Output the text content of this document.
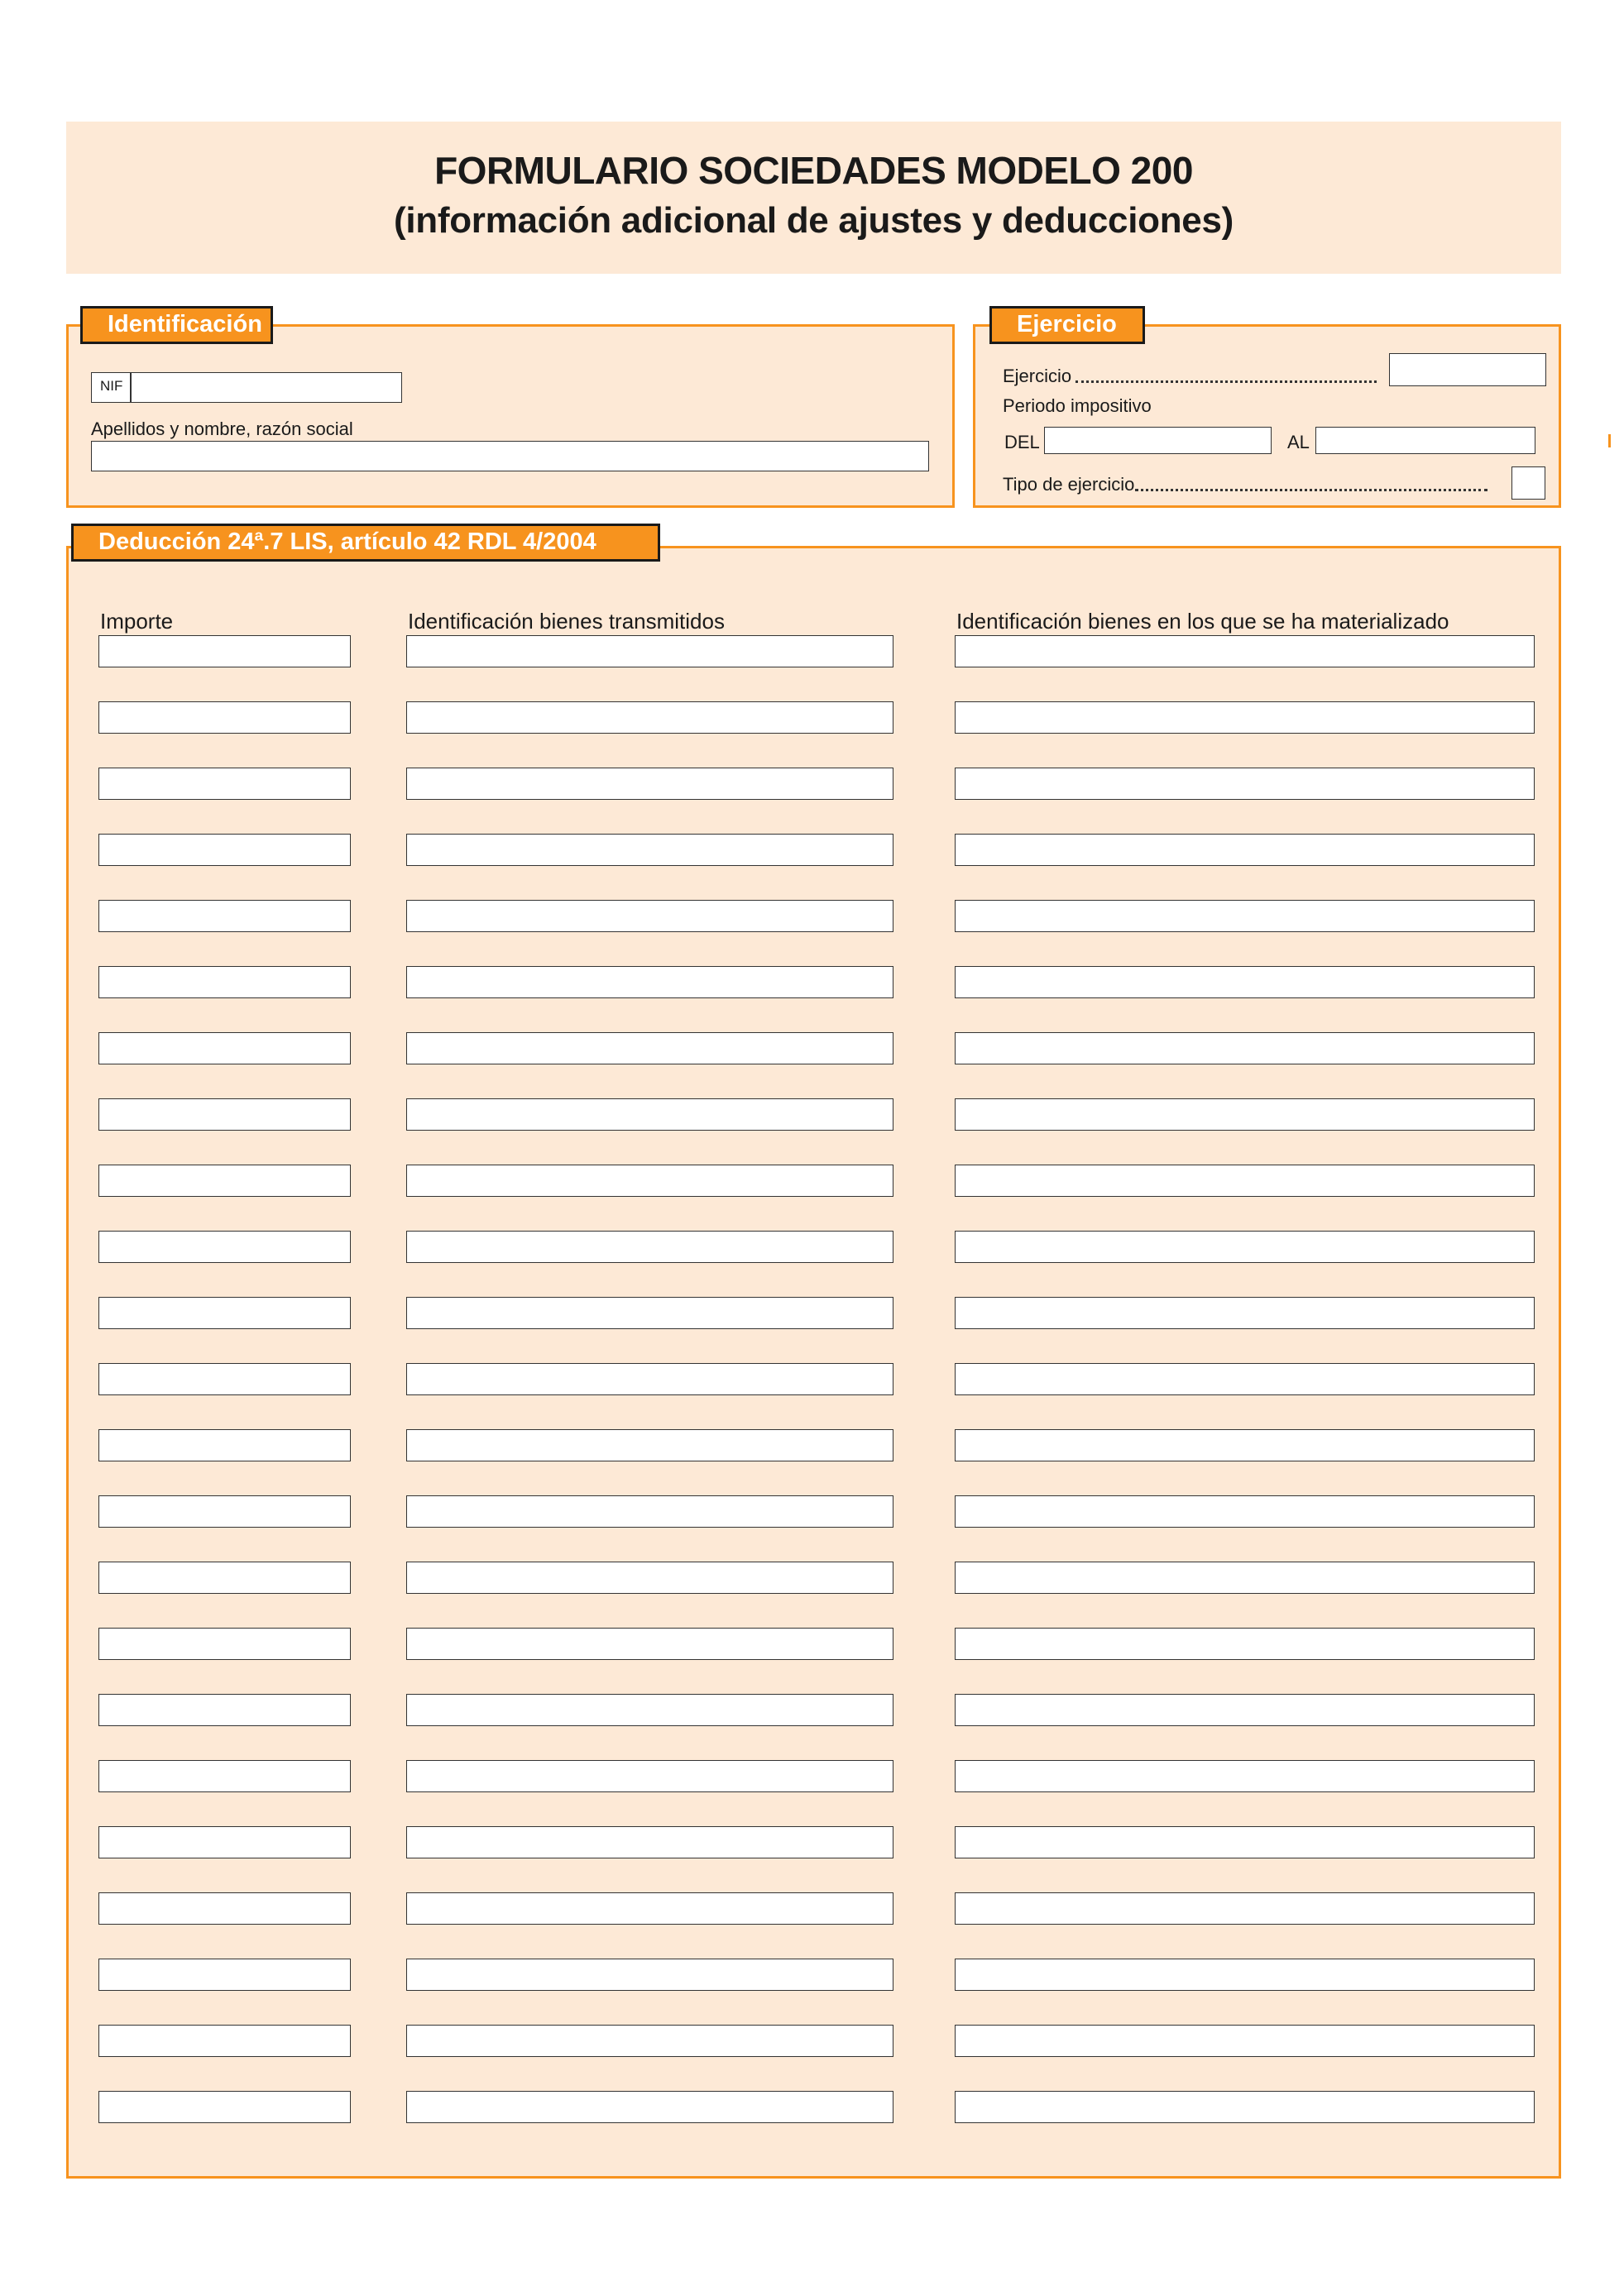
FORMULARIO SOCIEDADES MODELO 200
(información adicional de ajustes y deducciones)
Identificación
NIF
Apellidos y nombre, razón social
Ejercicio
Ejercicio
Periodo impositivo
DEL	AL
Tipo de ejercicio
Deducción 24ª.7 LIS, artículo 42 RDL 4/2004
Importe	Identificación bienes transmitidos	Identificación bienes en los que se ha materializado
